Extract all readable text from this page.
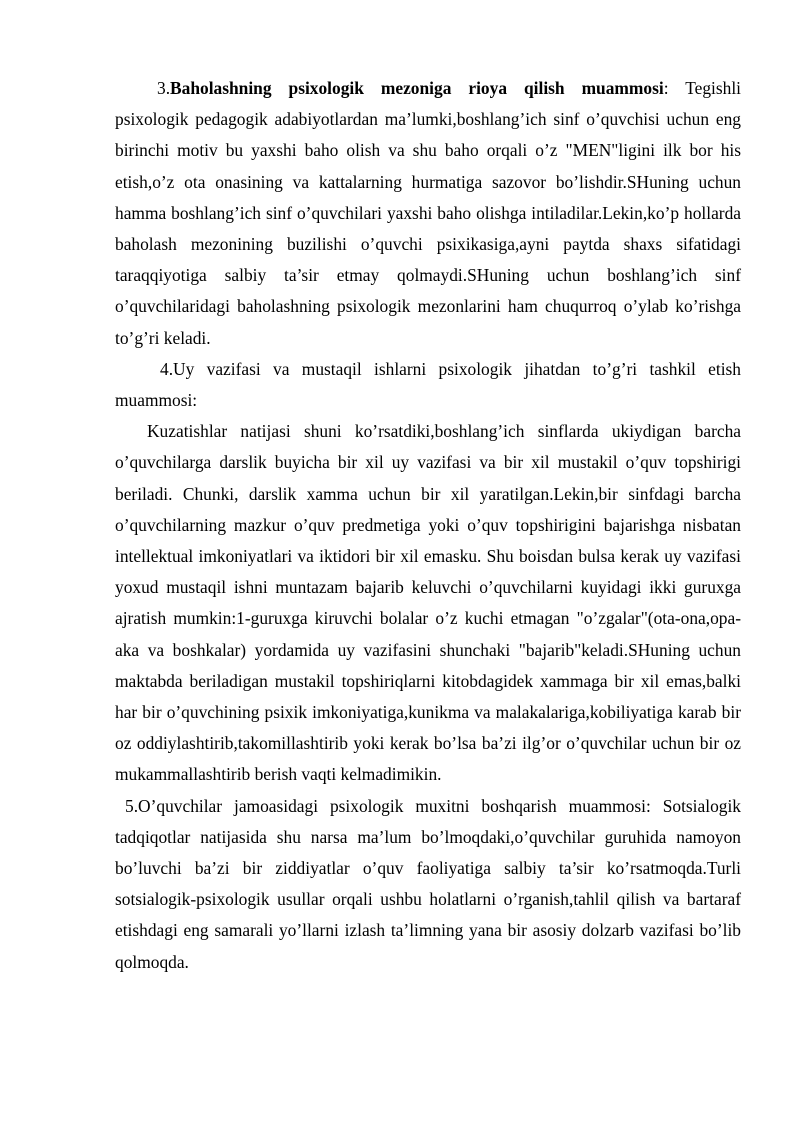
3.Baholashning psixologik mezoniga rioya qilish muammosi: Tegishli psixologik pedagogik adabiyotlardan ma’lumki,boshlang’ich sinf o’quvchisi uchun eng birinchi motiv bu yaxshi baho olish va shu baho orqali o’z "MEN"ligini ilk bor his etish,o’z ota onasining va kattalarning hurmatiga sazovor bo’lishdir.SHuning uchun hamma boshlang’ich sinf o’quvchilari yaxshi baho olishga intiladilar.Lekin,ko’p hollarda baholash mezonining buzilishi o’quvchi psixikasiga,ayni paytda shaxs sifatidagi taraqqiyotiga salbiy ta’sir etmay qolmaydi.SHuning uchun boshlang’ich sinf o’quvchilaridagi baholashning psixologik mezonlarini ham chuqurroq o’ylab ko’rishga to’g’ri keladi.

4.Uy vazifasi va mustaqil ishlarni psixologik jihatdan to’g’ri tashkil etish muammosi:

Kuzatishlar natijasi shuni ko’rsatdiki,boshlang’ich sinflarda ukiydigan barcha o’quvchilarga darslik buyicha bir xil uy vazifasi va bir xil mustakil o’quv topshirigi beriladi. Chunki, darslik xamma uchun bir xil yaratilgan.Lekin,bir sinfdagi barcha o’quvchilarning mazkur o’quv predmetiga yoki o’quv topshirigini bajarishga nisbatan intellektual imkoniyatlari va iktidori bir xil emasku. Shu boisdan bulsa kerak uy vazifasi yoxud mustaqil ishni muntazam bajarib keluvchi o’quvchilarni kuyidagi ikki guruxga ajratish mumkin:1-guruxga kiruvchi bolalar o’z kuchi etmagan "o’zgalar"(ota-ona,opa-aka va boshkalar) yordamida uy vazifasini shunchaki "bajarib"keladi.SHuning uchun maktabda beriladigan mustakil topshiriqlarni kitobdagidek xammaga bir xil emas,balki har bir o’quvchining psixik imkoniyatiga,kunikma va malakalariga,kobiliyatiga karab bir oz oddiylashtirib,takomillashtirib yoki kerak bo’lsa ba’zi ilg’or o’quvchilar uchun bir oz mukammallashtirib berish vaqti kelmadimikin.

5.O’quvchilar jamoasidagi psixologik muxitni boshqarish muammosi: Sotsialogik tadqiqotlar natijasida shu narsa ma’lum bo’lmoqdaki,o’quvchilar guruhida namoyon bo’luvchi ba’zi bir ziddiyatlar o’quv faoliyatiga salbiy ta’sir ko’rsatmoqda.Turli sotsialogik-psixologik usullar orqali ushbu holatlarni o’rganish,tahlil qilish va bartaraf etishdagi eng samarali yo’llarni izlash ta’limning yana bir asosiy dolzarb vazifasi bo’lib qolmoqda.
